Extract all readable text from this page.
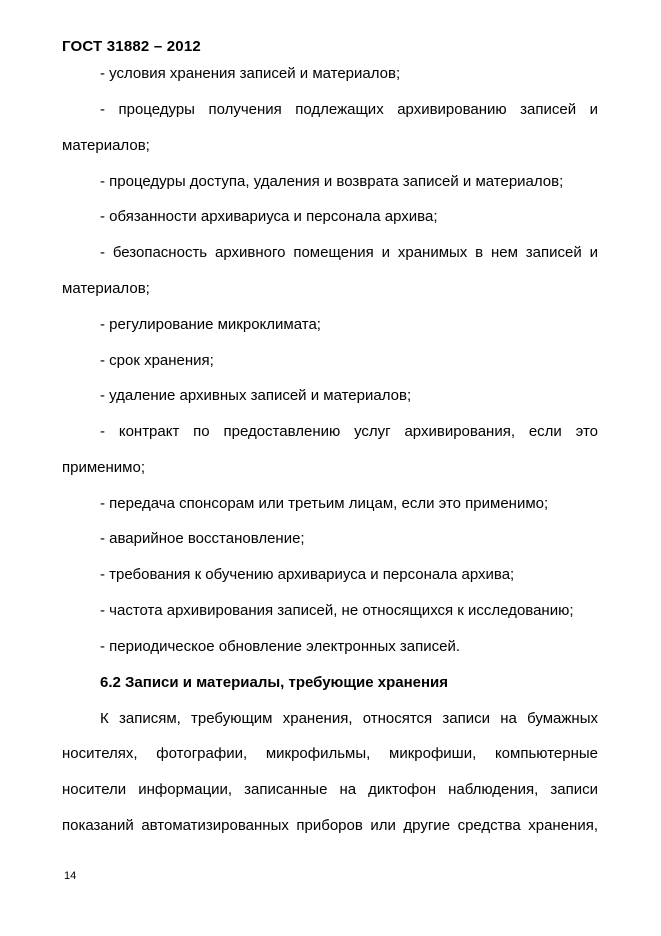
ГОСТ 31882 – 2012
- условия хранения записей и материалов;
- процедуры получения подлежащих архивированию записей и
материалов;
- процедуры доступа, удаления и возврата записей и материалов;
- обязанности архивариуса и персонала архива;
- безопасность архивного помещения и хранимых в нем записей и
материалов;
- регулирование микроклимата;
- срок хранения;
- удаление архивных записей и материалов;
- контракт по предоставлению услуг архивирования, если это
применимо;
- передача спонсорам или третьим лицам, если это применимо;
- аварийное восстановление;
- требования к обучению архивариуса и персонала архива;
- частота архивирования записей, не относящихся к исследованию;
- периодическое обновление электронных записей.
6.2 Записи и материалы, требующие хранения
К записям, требующим хранения, относятся записи на бумажных
носителях, фотографии, микрофильмы, микрофиши, компьютерные
носители информации, записанные на диктофон наблюдения, записи
показаний автоматизированных приборов или другие средства хранения,
14
